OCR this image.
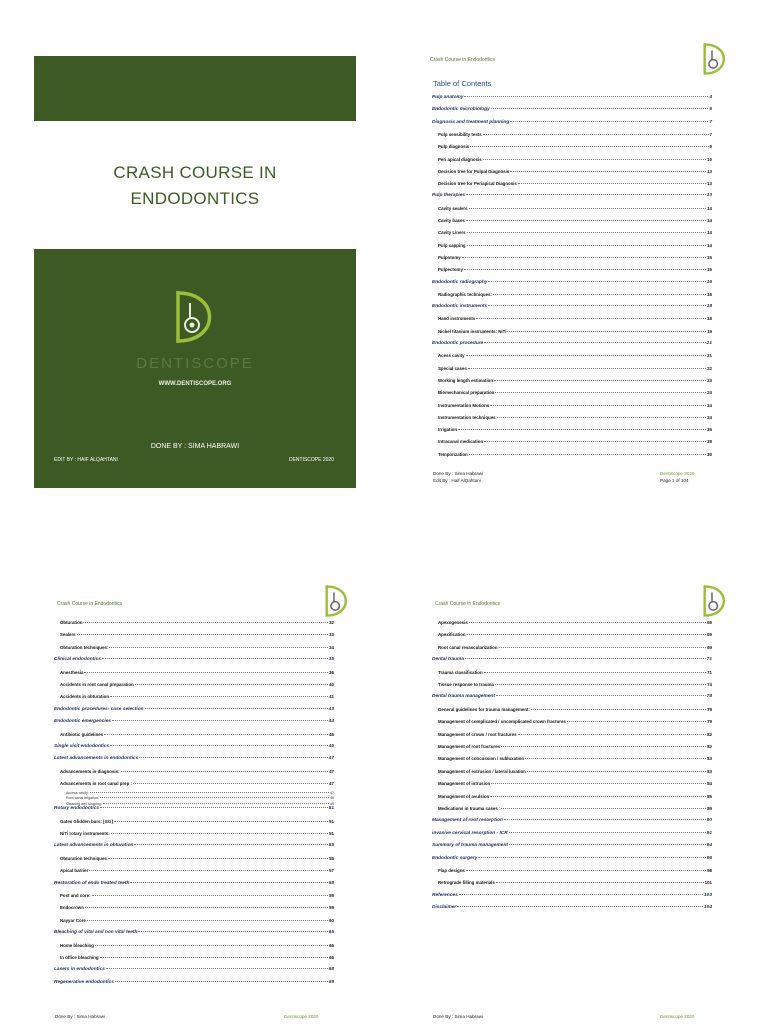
CRASH COURSE IN
ENDODONTICS
DENTISCOPE
WWW.DENTISCOPE.ORG
DONE BY : SIMA HABRAWI
EDIT BY : HAIF ALQAHTANI	DENTISCOPE 2020
Crash Course in Endodontics
Table of Contents
Pulp anatomy	4
Endodontic microbiology	6
Diagnosis and treatment planning	7
Pulp sensibility tests	7
Pulp diagnosis	9
Peri apical diagnosis	10
Decision tree for Pulpal Diagnosis	13
Decision tree for Periapical Diagnosis	13
Pulp therapies	13
Cavity sealers	14
Cavity bases	14
Cavity Liners	14
Pulp capping	14
Pulpotomy	15
Pulpectomy	15
Endodontic radiography	16
Radiographic techniques:	16
Endodontic instruments	18
Hand instruments	18
Nickel titanium instruments: NiTi	19
Endodontic procedure	21
Acess cavity	21
Special cases	22
Working length estimation	23
Biomechanical preparation	24
Instrumentation Motions	24
Instrumentation techniques	24
Irrigation	26
Intracanal medication	28
Temporization	30
Done By : Sima Habrawi
Edit By : Haif AlQahtani
Dentiscope 2020
Page 1 of 104
Crash Course in Endodontics
Obturation	32
Sealers	33
Obturation techniques:	34
Clinical endodontics	35
Anesthesia	36
Accidents in root canal preparation	40
Accidents in obturation	41
Endodontic procedures- case selection	43
Endodontic emergencies	44
Antibiotic guidelines	45
Single visit endodontics	46
Latest advancements in endodontics	47
Advancements in diagnosis:	47
Advancements in root canal prep :	47
Access cavity:	47
Root canal irrigation:	48
Cleaning and shaping:	49
Rotary endodontics	51
Gates Glidden burs: [GG]	51
NiTi rotary instruments:	51
Latest advancements in obturation	55
Obturation techniques	55
Apical barrier	57
Restoration of endo treated teeth	58
Post and core:	59
Endocrown	59
Nayyar Core	60
Bleaching of vital and non vital teeth	65
Home bleaching	66
In office bleaching	66
Lasers in endodontics	68
Regenerative endodontics	69
Done By : Sima Habrawi	Dentiscope 2020
Crash Course in Endodontics
Apexogenesis	69
Apexification	69
Root canal revascularization	69
Dental trauma	71
Trauma classification	71
Tissue response to trauma	74
Dental trauma management	78
General guidelines for trauma management:	78
Management of complicated / uncomplicated crown fractures	79
Management of crown / root fractures	82
Management of root fractures	82
Management of concussion / subluxation	83
Management of extrusion / lateral luxation	83
Management of intrusion	84
Management of avulsion	85
Medications in trauma cases :	89
Management of root resorption	90
invasive cervical resorption - ICR	91
Summary of trauma management	94
Endodontic surgery	96
Flap designs	98
Retrograde filling materials	101
References	103
Disclaimer	104
Done By : Sima Habrawi	Dentiscope 2020
